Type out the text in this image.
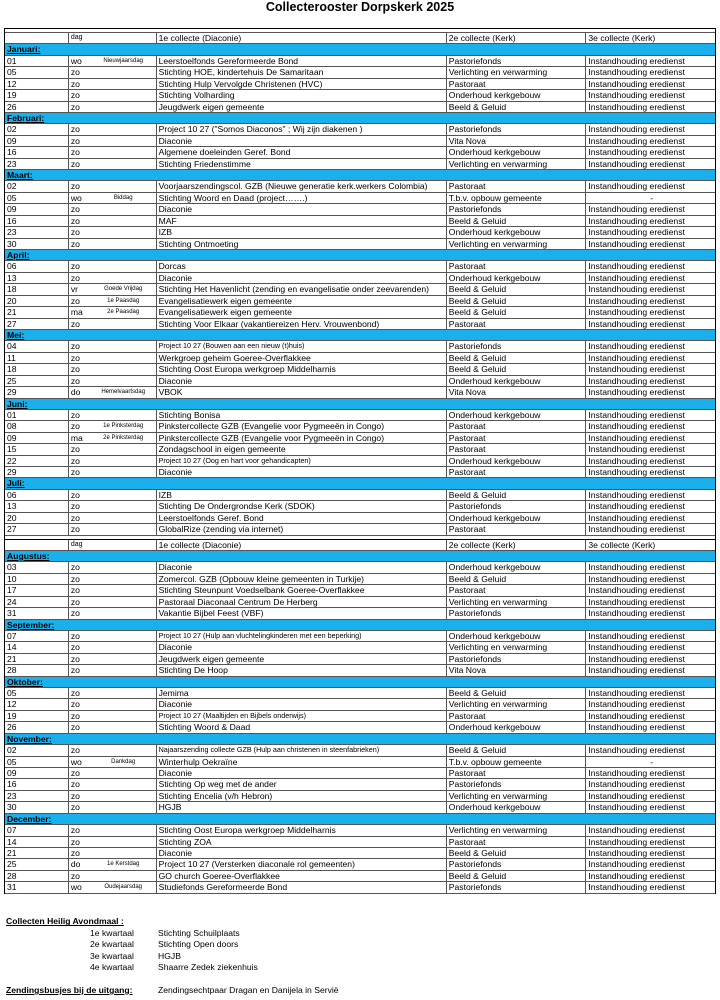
Collecterooster Dorpskerk 2025
dag	1e collecte (Diaconie)	2e collecte (Kerk)	3e collecte (Kerk)
Januari:
01	wo	Nieuwjaarsdag	Leerstoelfonds Gereformeerde Bond	Pastoriefonds	Instandhouding eredienst
05	zo	Stichting HOE, kindertehuis De Samaritaan	Verlichting en verwarming	Instandhouding eredienst
12	zo	Stichting Hulp Vervolgde Christenen (HVC)	Pastoraat	Instandhouding eredienst
19	zo	Stichting Volharding	Onderhoud kerkgebouw	Instandhouding eredienst
26	zo	Jeugdwerk eigen gemeente	Beeld & Geluid	Instandhouding eredienst
Februari:
02	zo	Project 10 27 ("Somos Diaconos" ; Wij zijn diakenen )	Pastoriefonds	Instandhouding eredienst
09	zo	Diaconie	Vita Nova	Instandhouding eredienst
16	zo	Algemene doeleinden Geref. Bond	Onderhoud kerkgebouw	Instandhouding eredienst
23	zo	Stichting Friedenstimme	Verlichting en verwarming	Instandhouding eredienst
Maart:
02	zo	Voorjaarszendingscol. GZB (Nieuwe generatie kerk.werkers Colombia)	Pastoraat	Instandhouding eredienst
05	wo	Biddag	Stichting Woord en Daad (project…….)	T.b.v. opbouw gemeente	-
09	zo	Diaconie	Pastoriefonds	Instandhouding eredienst
16	zo	MAF	Beeld & Geluid	Instandhouding eredienst
23	zo	IZB	Onderhoud kerkgebouw	Instandhouding eredienst
30	zo	Stichting Ontmoeting	Verlichting en verwarming	Instandhouding eredienst
April:
06	zo	Dorcas	Pastoraat	Instandhouding eredienst
13	zo	Diaconie	Onderhoud kerkgebouw	Instandhouding eredienst
18	vr	Goede Vrijdag	Stichting Het Havenlicht (zending en evangelisatie onder zeevarenden)	Beeld & Geluid	Instandhouding eredienst
20	zo	1e Paasdag	Evangelisatiewerk eigen gemeente	Beeld & Geluid	Instandhouding eredienst
21	ma	2e Paasdag	Evangelisatiewerk eigen gemeente	Beeld & Geluid	Instandhouding eredienst
27	zo	Stichting Voor Elkaar (vakantiereizen Herv. Vrouwenbond)	Pastoraat	Instandhouding eredienst
Mei:
04	zo	Project 10 27 (Bouwen aan een nieuw (t)huis)	Pastoriefonds	Instandhouding eredienst
11	zo	Werkgroep geheim Goeree-Overflakkee	Beeld & Geluid	Instandhouding eredienst
18	zo	Stichting Oost Europa werkgroep Middelharnis	Beeld & Geluid	Instandhouding eredienst
25	zo	Diaconie	Onderhoud kerkgebouw	Instandhouding eredienst
29	do	Hemelvaartsdag	VBOK	Vita Nova	Instandhouding eredienst
Juni:
01	zo	Stichting Bonisa	Onderhoud kerkgebouw	Instandhouding eredienst
08	zo	1e Pinksterdag	Pinkstercollecte GZB (Evangelie voor Pygmeeën in Congo)	Pastoraat	Instandhouding eredienst
09	ma	2e Pinksterdag	Pinkstercollecte GZB (Evangelie voor Pygmeeën in Congo)	Pastoraat	Instandhouding eredienst
15	zo	Zondagschool in eigen gemeente	Pastoraat	Instandhouding eredienst
22	zo	Project 10 27 (Oog en hart voor gehandicapten)	Onderhoud kerkgebouw	Instandhouding eredienst
29	zo	Diaconie	Pastoraat	Instandhouding eredienst
Juli:
06	zo	IZB	Beeld & Geluid	Instandhouding eredienst
13	zo	Stichting De Ondergrondse Kerk (SDOK)	Pastoriefonds	Instandhouding eredienst
20	zo	Leerstoelfonds Geref. Bond	Onderhoud kerkgebouw	Instandhouding eredienst
27	zo	GlobalRize (zending via internet)	Pastoraat	Instandhouding eredienst
dag	1e collecte (Diaconie)	2e collecte (Kerk)	3e collecte (Kerk)
Augustus:
03	zo	Diaconie	Onderhoud kerkgebouw	Instandhouding eredienst
10	zo	Zomercol. GZB (Opbouw kleine gemeenten in Turkije)	Beeld & Geluid	Instandhouding eredienst
17	zo	Stichting Steunpunt Voedselbank Goeree-Overflakkee	Pastoraat	Instandhouding eredienst
24	zo	Pastoraal Diaconaal Centrum De Herberg	Verlichting en verwarming	Instandhouding eredienst
31	zo	Vakantie Bijbel Feest (VBF)	Pastoriefonds	Instandhouding eredienst
September:
07	zo	Project 10 27 (Hulp aan vluchtelingkinderen met een beperking)	Onderhoud kerkgebouw	Instandhouding eredienst
14	zo	Diaconie	Verlichting en verwarming	Instandhouding eredienst
21	zo	Jeugdwerk eigen gemeente	Pastoriefonds	Instandhouding eredienst
28	zo	Stichting De Hoop	Vita Nova	Instandhouding eredienst
Oktober:
05	zo	Jemima	Beeld & Geluid	Instandhouding eredienst
12	zo	Diaconie	Verlichting en verwarming	Instandhouding eredienst
19	zo	Project 10 27 (Maaltijden en Bijbels onderwijs)	Pastoraat	Instandhouding eredienst
26	zo	Stichting Woord & Daad	Onderhoud kerkgebouw	Instandhouding eredienst
November:
02	zo	Najaarszending collecte GZB (Hulp aan christenen in steenfabrieken)	Beeld & Geluid	Instandhouding eredienst
05	wo	Dankdag	Winterhulp Oekraïne	T.b.v. opbouw gemeente	-
09	zo	Diaconie	Pastoraat	Instandhouding eredienst
16	zo	Stichting Op weg met de ander	Pastoriefonds	Instandhouding eredienst
23	zo	Stichting Encelia (v/h Hebron)	Verlichting en verwarming	Instandhouding eredienst
30	zo	HGJB	Onderhoud kerkgebouw	Instandhouding eredienst
December:
07	zo	Stichting Oost Europa werkgroep Middelharnis	Verlichting en verwarming	Instandhouding eredienst
14	zo	Stichting ZOA	Pastoraat	Instandhouding eredienst
21	zo	Diaconie	Beeld & Geluid	Instandhouding eredienst
25	do	1e Kerstdag	Project 10 27 (Versterken diaconale rol gemeenten)	Pastoriefonds	Instandhouding eredienst
28	zo	GO church Goeree-Overflakkee	Beeld & Geluid	Instandhouding eredienst
31	wo	Oudejaarsdag	Studiefonds Gereformeerde Bond	Pastoriefonds	Instandhouding eredienst
Collecten Heilig Avondmaal :
1e kwartaal	Stichting Schuilplaats
2e kwartaal	Stichting Open doors
3e kwartaal	HGJB
4e kwartaal	Shaarre Zedek ziekenhuis
Zendingsbusjes bij de uitgang:	Zendingsechtpaar Dragan en Danijela in Servië
